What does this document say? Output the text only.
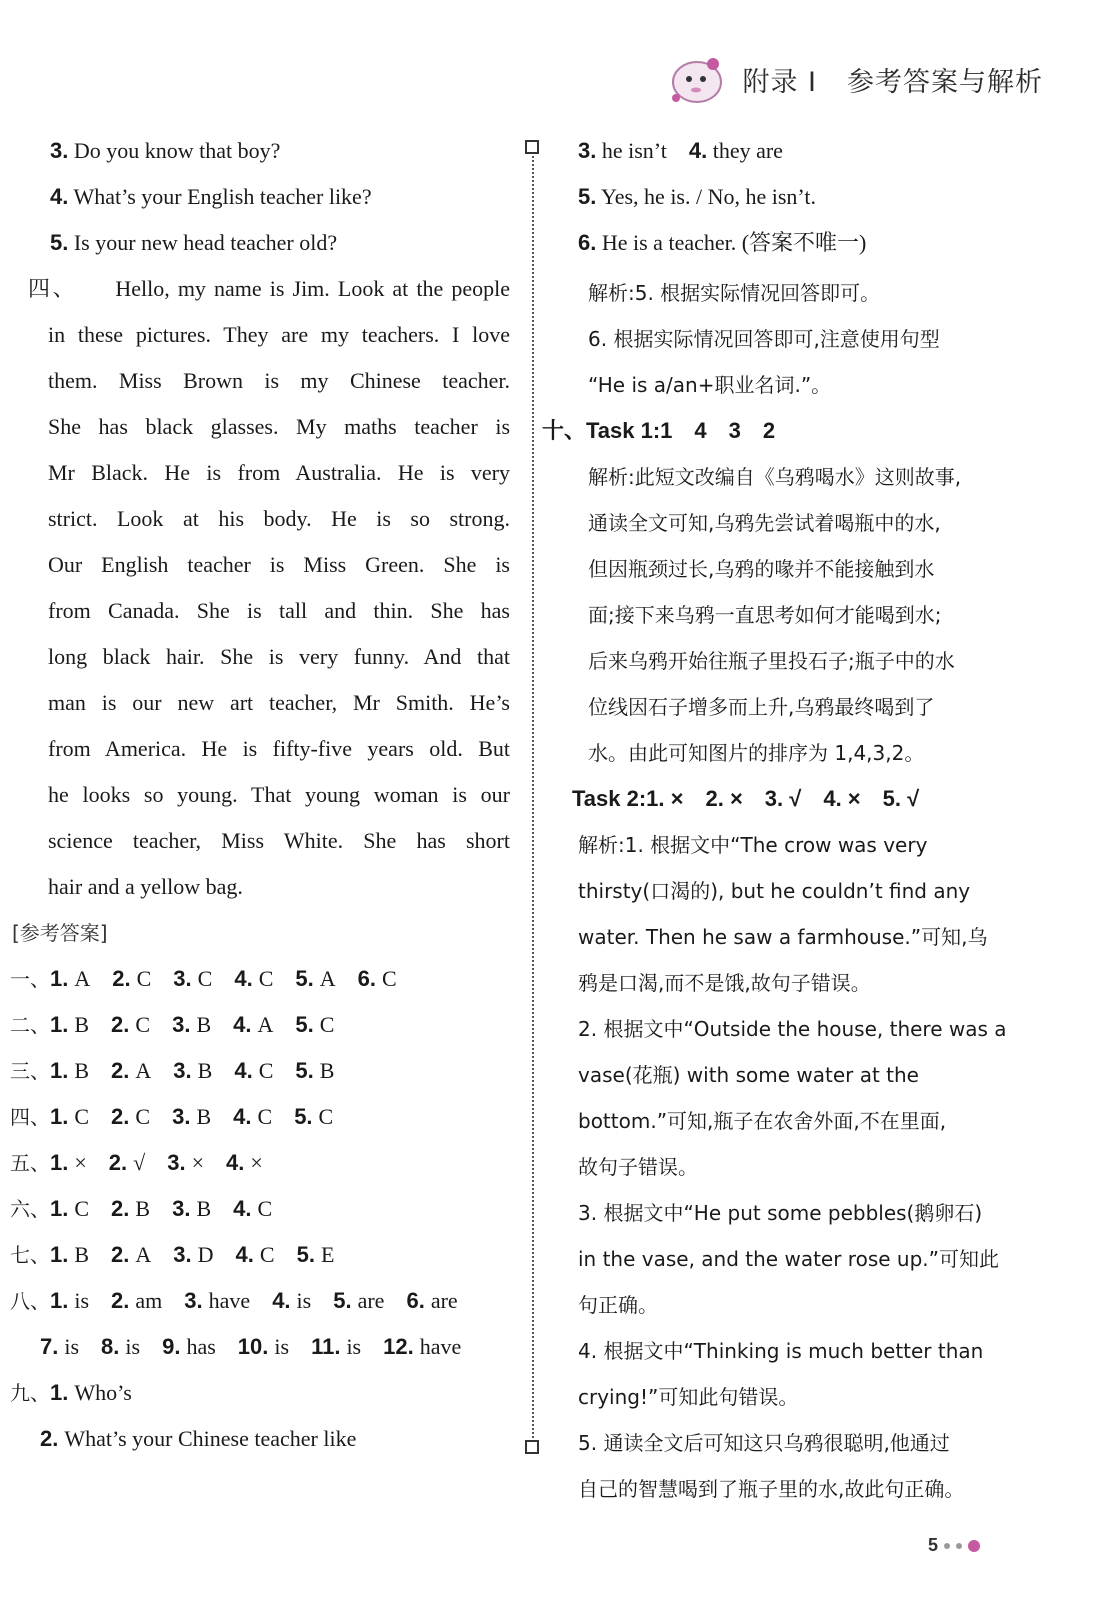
附录 I 参考答案与解析
3. Do you know that boy?
4. What’s your English teacher like?
5. Is your new head teacher old?
四、　　Hello, my name is Jim. Look at the people
in these pictures. They are my teachers. I love
them. Miss Brown is my Chinese teacher.
She has black glasses. My maths teacher is
Mr Black. He is from Australia. He is very
strict. Look at his body. He is so strong.
Our English teacher is Miss Green. She is
from Canada. She is tall and thin. She has
long black hair. She is very funny. And that
man is our new art teacher, Mr Smith. He’s
from America. He is fifty-five years old. But
he looks so young. That young woman is our
science teacher, Miss White. She has short
hair and a yellow bag.
[参考答案]
一、1. A 2. C 3. C 4. C 5. A 6. C
二、1. B 2. C 3. B 4. A 5. C
三、1. B 2. A 3. B 4. C 5. B
四、1. C 2. C 3. B 4. C 5. C
五、1. × 2. √ 3. × 4. ×
六、1. C 2. B 3. B 4. C
七、1. B 2. A 3. D 4. C 5. E
八、1. is 2. am 3. have 4. is 5. are 6. are
7. is 8. is 9. has 10. is 11. is 12. have
九、1. Who’s
2. What’s your Chinese teacher like
3. he isn’t　4. they are
5. Yes, he is. / No, he isn’t.
6. He is a teacher. (答案不唯一)
解析:5. 根据实际情况回答即可。
6. 根据实际情况回答即可,注意使用句型
“He is a/an+职业名词.”。
十、Task 1:1　4　3　2
解析:此短文改编自《乌鸦喝水》这则故事,
通读全文可知,乌鸦先尝试着喝瓶中的水,
但因瓶颈过长,乌鸦的喙并不能接触到水
面;接下来乌鸦一直思考如何才能喝到水;
后来乌鸦开始往瓶子里投石子;瓶子中的水
位线因石子增多而上升,乌鸦最终喝到了
水。由此可知图片的排序为 1,4,3,2。
Task 2:1. ×　2. ×　3. √　4. ×　5. √
解析:1. 根据文中“The crow was very
thirsty(口渴的), but he couldn’t find any
water. Then he saw a farmhouse.”可知,乌
鸦是口渴,而不是饿,故句子错误。
2. 根据文中“Outside the house, there was a
vase(花瓶) with some water at the
bottom.”可知,瓶子在农舍外面,不在里面,
故句子错误。
3. 根据文中“He put some pebbles(鹅卵石)
in the vase, and the water rose up.”可知此
句正确。
4. 根据文中“Thinking is much better than
crying!”可知此句错误。
5. 通读全文后可知这只乌鸦很聪明,他通过
自己的智慧喝到了瓶子里的水,故此句正确。
5
